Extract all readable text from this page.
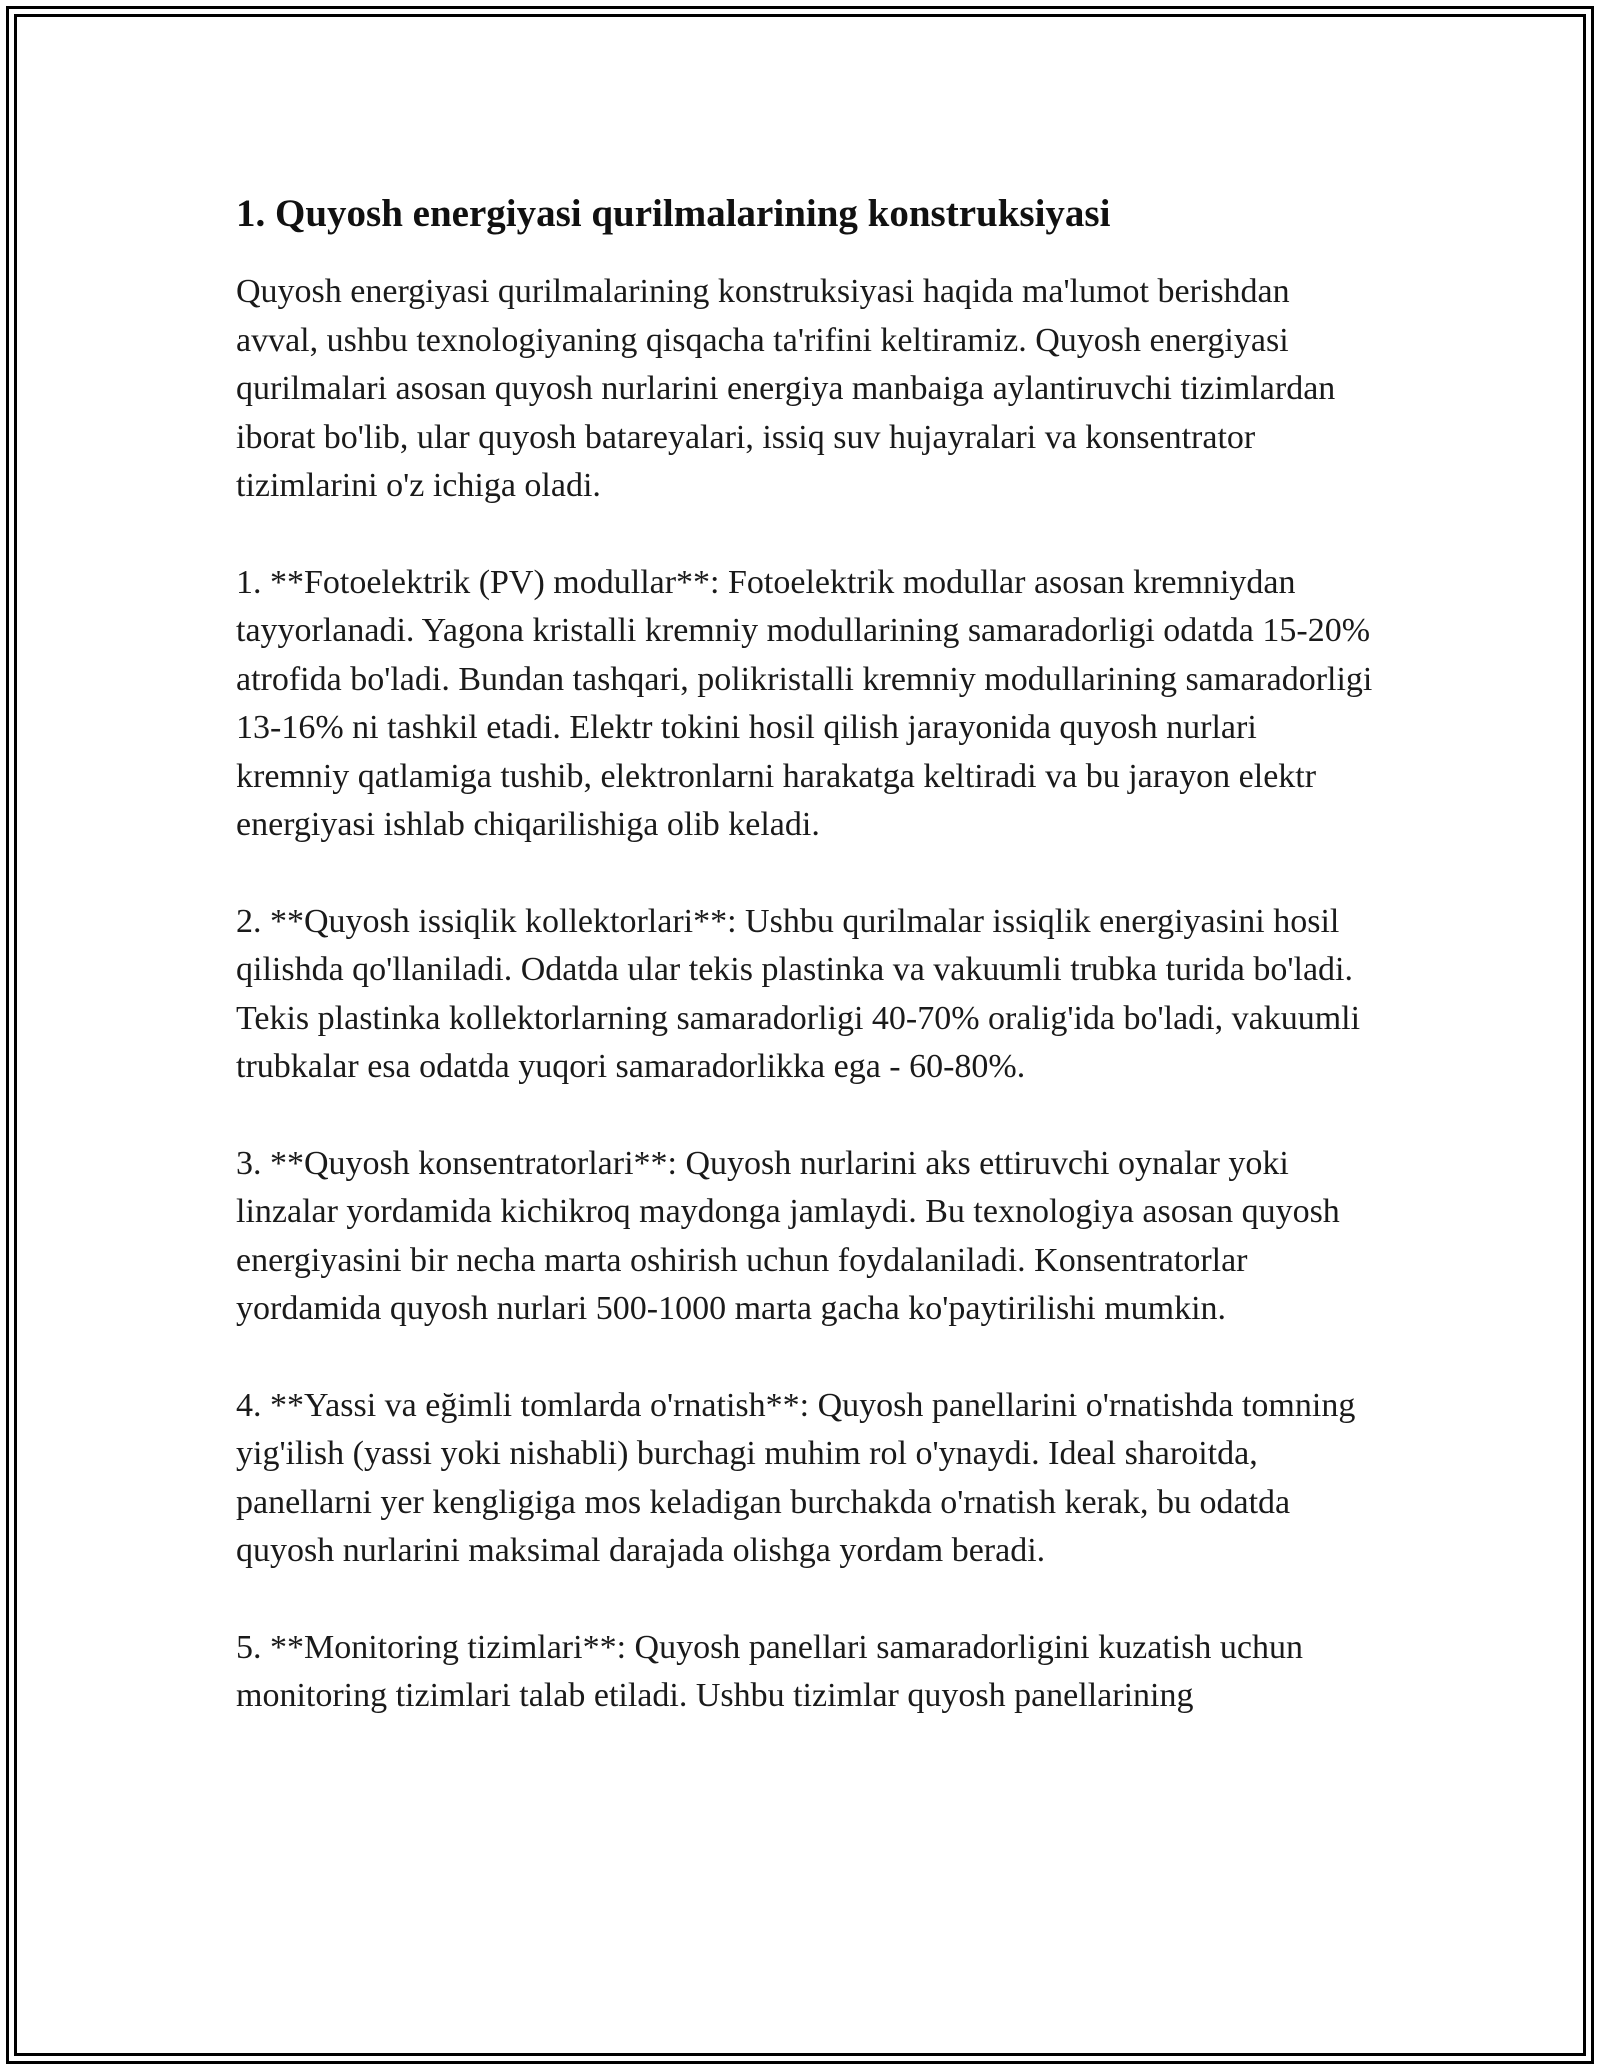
1. Quyosh energiyasi qurilmalarining konstruksiyasi

Quyosh energiyasi qurilmalarining konstruksiyasi haqida ma'lumot berishdan avval, ushbu texnologiyaning qisqacha ta'rifini keltiramiz. Quyosh energiyasi qurilmalari asosan quyosh nurlarini energiya manbaiga aylantiruvchi tizimlardan iborat bo'lib, ular quyosh batareyalari, issiq suv hujayralari va konsentrator tizimlarini o'z ichiga oladi.

1. **Fotoelektrik (PV) modullar**: Fotoelektrik modullar asosan kremniydan tayyorlanadi. Yagona kristalli kremniy modullarining samaradorligi odatda 15-20% atrofida bo'ladi. Bundan tashqari, polikristalli kremniy modullarining samaradorligi 13-16% ni tashkil etadi. Elektr tokini hosil qilish jarayonida quyosh nurlari kremniy qatlamiga tushib, elektronlarni harakatga keltiradi va bu jarayon elektr energiyasi ishlab chiqarilishiga olib keladi.

2. **Quyosh issiqlik kollektorlari**: Ushbu qurilmalar issiqlik energiyasini hosil qilishda qo'llaniladi. Odatda ular tekis plastinka va vakuumli trubka turida bo'ladi. Tekis plastinka kollektorlarning samaradorligi 40-70% oralig'ida bo'ladi, vakuumli trubkalar esa odatda yuqori samaradorlikka ega - 60-80%.

3. **Quyosh konsentratorlari**: Quyosh nurlarini aks ettiruvchi oynalar yoki linzalar yordamida kichikroq maydonga jamlaydi. Bu texnologiya asosan quyosh energiyasini bir necha marta oshirish uchun foydalaniladi. Konsentratorlar yordamida quyosh nurlari 500-1000 marta gacha ko'paytirilishi mumkin.

4. **Yassi va eğimli tomlarda o'rnatish**: Quyosh panellarini o'rnatishda tomning yig'ilish (yassi yoki nishabli) burchagi muhim rol o'ynaydi. Ideal sharoitda, panellarni yer kengligiga mos keladigan burchakda o'rnatish kerak, bu odatda quyosh nurlarini maksimal darajada olishga yordam beradi.

5. **Monitoring tizimlari**: Quyosh panellari samaradorligini kuzatish uchun monitoring tizimlari talab etiladi. Ushbu tizimlar quyosh panellarining
